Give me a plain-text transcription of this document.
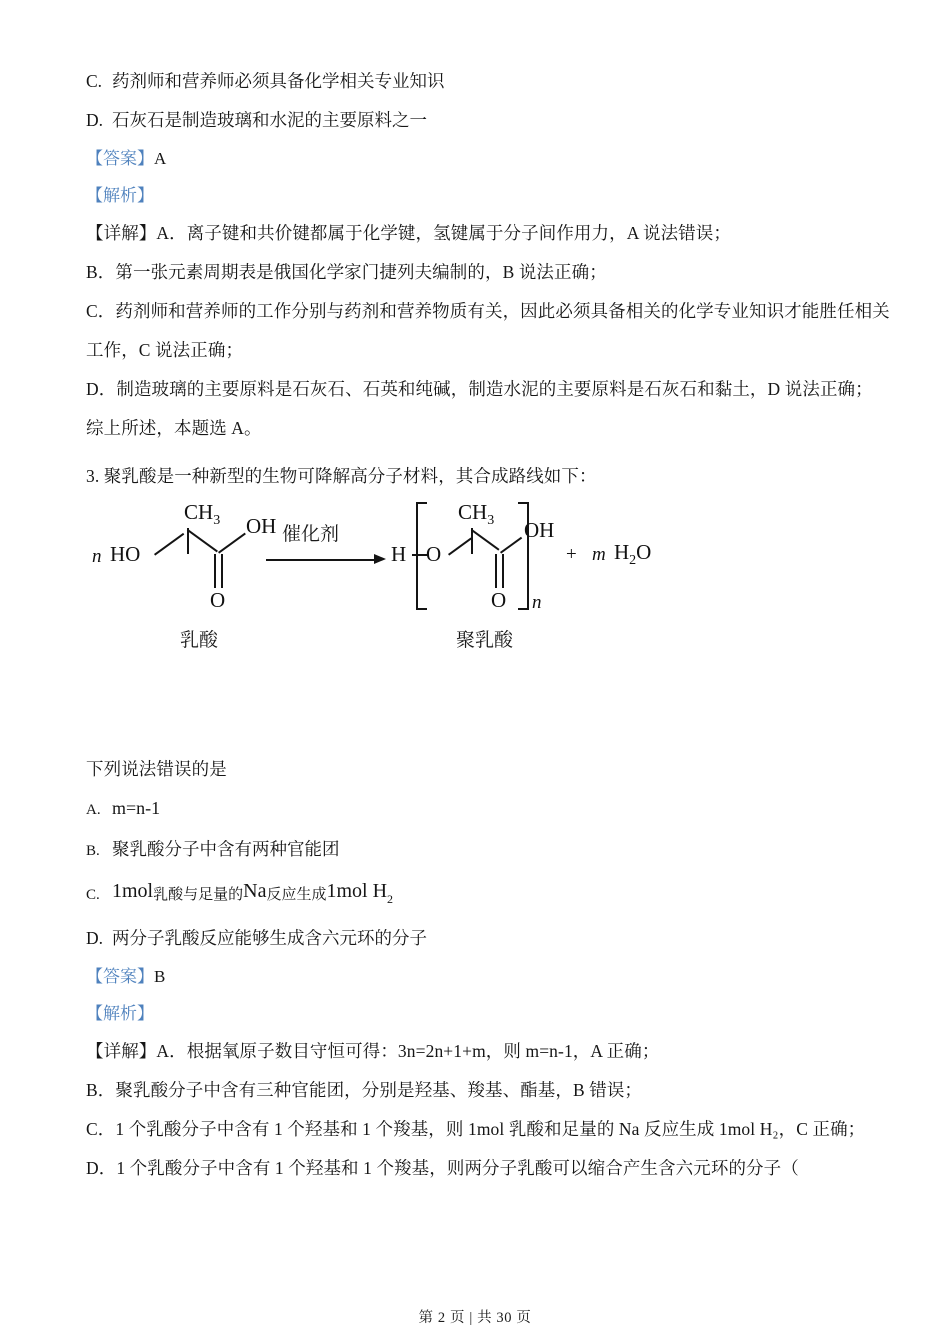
C. 药剂师和营养师必须具备化学相关专业知识
D. 石灰石是制造玻璃和水泥的主要原料之一
【答案】A
【解析】
【详解】A．离子键和共价键都属于化学键，氢键属于分子间作用力，A 说法错误；
B．第一张元素周期表是俄国化学家门捷列夫编制的，B 说法正确；
C．药剂师和营养师的工作分别与药剂和营养物质有关，因此必须具备相关的化学专业知识才能胜任相关
工作，C 说法正确；
D．制造玻璃的主要原料是石灰石、石英和纯碱，制造水泥的主要原料是石灰石和黏土，D 说法正确；
综上所述，本题选 A。
3. 聚乳酸是一种新型的生物可降解高分子材料，其合成路线如下：
n HO
$CH_3$ OH
O
乳酸
催化剂
H
n
O
$CH_3$ OH
O
聚乳酸
+ m $H_2O$
下列说法错误的是
A. m=n-1
B. 聚乳酸分子中含有两种官能团
C. 1mol乳酸与足量的Na反应生成1mol $H_2$
D. 两分子乳酸反应能够生成含六元环的分子
【答案】B
【解析】
【详解】A．根据氧原子数目守恒可得：3n=2n+1+m，则 m=n-1，A 正确；
B．聚乳酸分子中含有三种官能团，分别是羟基、羧基、酯基，B 错误；
C．1 个乳酸分子中含有 1 个羟基和 1 个羧基，则 1mol 乳酸和足量的 Na 反应生成 1mol H₂，C 正确；
D．1 个乳酸分子中含有 1 个羟基和 1 个羧基，则两分子乳酸可以缩合产生含六元环的分子（
第 2 页 | 共 30 页
